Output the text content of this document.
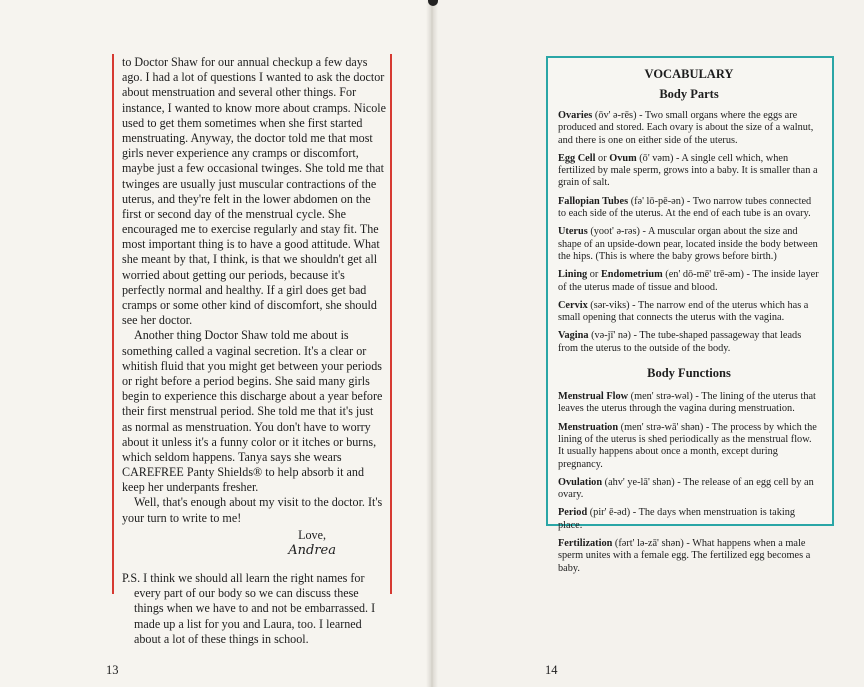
to Doctor Shaw for our annual checkup a few days ago. I had a lot of questions I wanted to ask the doctor about menstruation and several other things. For instance, I wanted to know more about cramps. Nicole used to get them sometimes when she first started menstruating. Anyway, the doctor told me that most girls never experience any cramps or discomfort, maybe just a few occasional twinges. She told me that twinges are usually just muscular contractions of the uterus, and they're felt in the lower abdomen on the first or second day of the menstrual cycle. She encouraged me to exercise regularly and stay fit. The most important thing is to have a good attitude. What she meant by that, I think, is that we shouldn't get all worried about getting our periods, because it's perfectly normal and healthy. If a girl does get bad cramps or some other kind of discomfort, she should see her doctor.

Another thing Doctor Shaw told me about is something called a vaginal secretion. It's a clear or whitish fluid that you might get between your periods or right before a period begins. She said many girls begin to experience this discharge about a year before their first menstrual period. She told me that it's just as normal as menstruation. You don't have to worry about it unless it's a funny color or it itches or burns, which seldom happens. Tanya says she wears CAREFREE Panty Shields® to help absorb it and keep her underpants fresher.

Well, that's enough about my visit to the doctor. It's your turn to write to me!

Love,

Andrea

P.S. I think we should all learn the right names for every part of our body so we can discuss these things when we have to and not be embarrassed. I made up a list for you and Laura, too. I learned about a lot of these things in school.

13

VOCABULARY

Body Parts

Ovaries (ōv' ə-rēs) - Two small organs where the eggs are produced and stored. Each ovary is about the size of a walnut, and there is one on either side of the uterus.

Egg Cell or Ovum (ō' vəm) - A single cell which, when fertilized by male sperm, grows into a baby. It is smaller than a grain of salt.

Fallopian Tubes (fə' lō-pē-ən) - Two narrow tubes connected to each side of the uterus. At the end of each tube is an ovary.

Uterus (yoot' ə-rəs) - A muscular organ about the size and shape of an upside-down pear, located inside the body between the hips. (This is where the baby grows before birth.)

Lining or Endometrium (en' dō-mē' trē-əm) - The inside layer of the uterus made of tissue and blood.

Cervix (sər-viks) - The narrow end of the uterus which has a small opening that connects the uterus with the vagina.

Vagina (və-jī' nə) - The tube-shaped passageway that leads from the uterus to the outside of the body.

Body Functions

Menstrual Flow (men' strə-wəl) - The lining of the uterus that leaves the uterus through the vagina during menstruation.

Menstruation (men' strə-wā' shən) - The process by which the lining of the uterus is shed periodically as the menstrual flow. It usually happens about once a month, except during pregnancy.

Ovulation (ahv' ye-lā' shən) - The release of an egg cell by an ovary.

Period (pir' ē-əd) - The days when menstruation is taking place.

Fertilization (fərt' lə-zā' shən) - What happens when a male sperm unites with a female egg. The fertilized egg becomes a baby.

14
